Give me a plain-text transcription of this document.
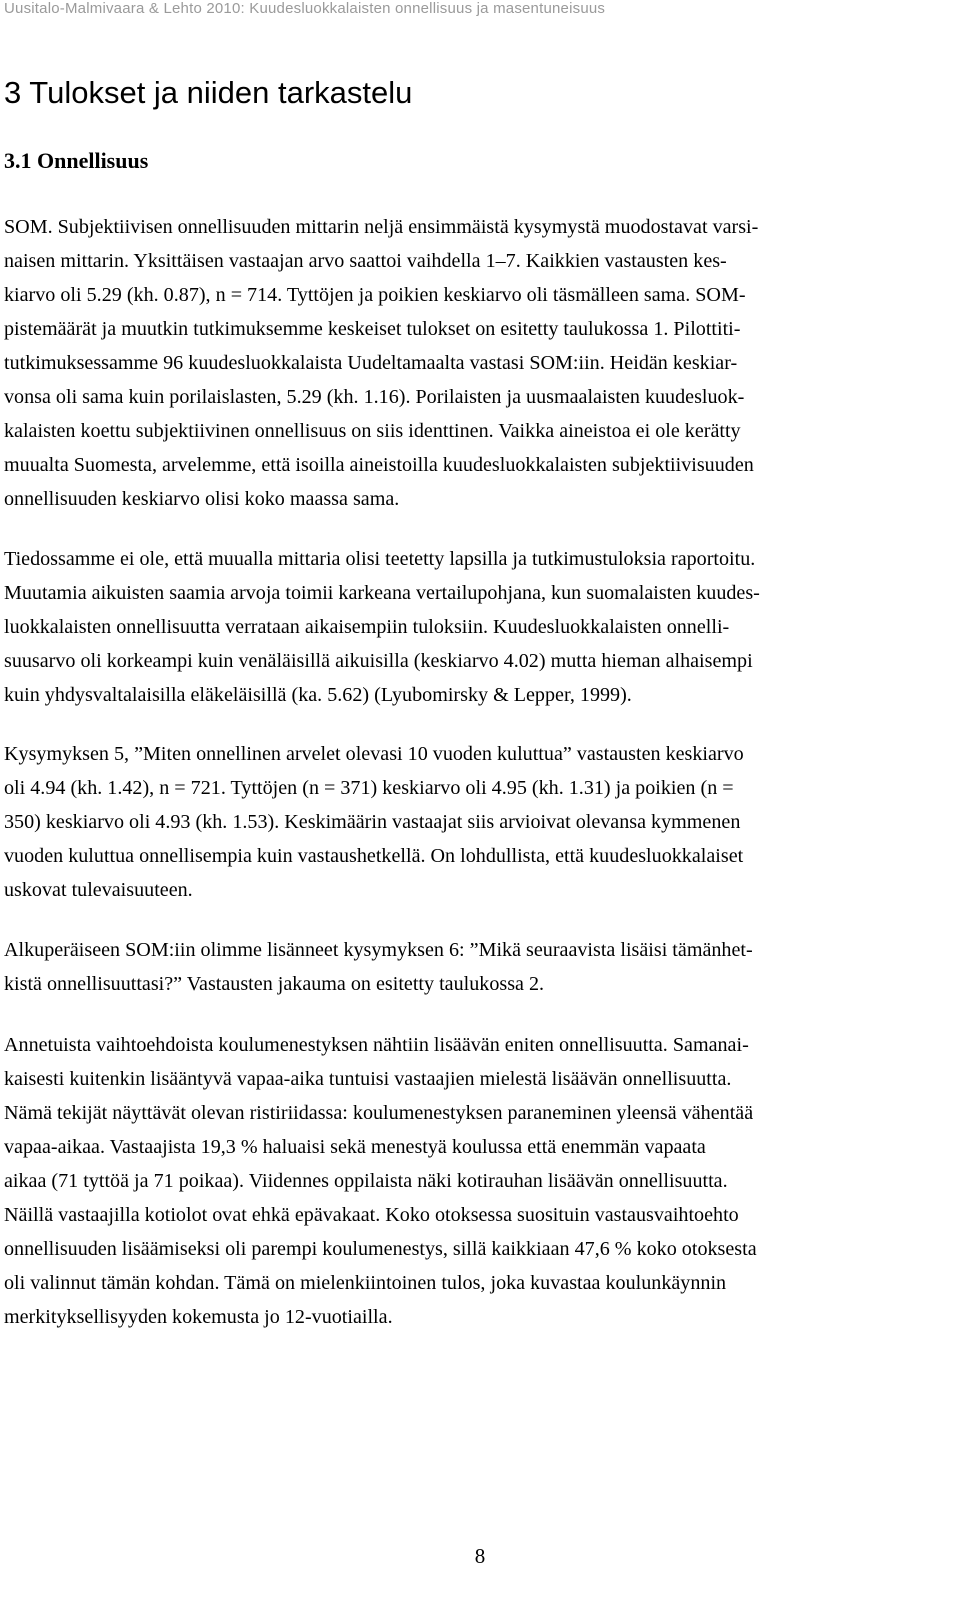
Uusitalo-Malmivaara & Lehto 2010: Kuudesluokkalaisten onnellisuus ja masentuneisuus
3 Tulokset ja niiden tarkastelu
3.1 Onnellisuus
SOM. Subjektiivisen onnellisuuden mittarin neljä ensimmäistä kysymystä muodostavat varsi-
naisen mittarin. Yksittäisen vastaajan arvo saattoi vaihdella 1–7. Kaikkien vastausten kes-
kiarvo oli 5.29 (kh. 0.87), n = 714. Tyttöjen ja poikien keskiarvo oli täsmälleen sama. SOM-
pistemäärät ja muutkin tutkimuksemme keskeiset tulokset on esitetty taulukossa 1. Pilottiti-
tutkimuksessamme 96 kuudesluokkalaista Uudeltamaalta vastasi SOM:iin. Heidän keskiar-
vonsa oli sama kuin porilaislasten, 5.29 (kh. 1.16). Porilaisten ja uusmaalaisten kuudesluok-
kalaisten koettu subjektiivinen onnellisuus on siis identtinen. Vaikka aineistoa ei ole kerätty
muualta Suomesta, arvelemme, että isoilla aineistoilla kuudesluokkalaisten subjektiivisuuden
onnellisuuden keskiarvo olisi koko maassa sama.
Tiedossamme ei ole, että muualla mittaria olisi teetetty lapsilla ja tutkimustuloksia raportoitu.
Muutamia aikuisten saamia arvoja toimii karkeana vertailupohjana, kun suomalaisten kuudes-
luokkalaisten onnellisuutta verrataan aikaisempiin tuloksiin. Kuudesluokkalaisten onnelli-
suusarvo oli korkeampi kuin venäläisillä aikuisilla (keskiarvo 4.02) mutta hieman alhaisempi
kuin yhdysvaltalaisilla eläkeläisillä (ka. 5.62) (Lyubomirsky & Lepper, 1999).
Kysymyksen 5, ”Miten onnellinen arvelet olevasi 10 vuoden kuluttua” vastausten keskiarvo
oli 4.94 (kh. 1.42), n = 721. Tyttöjen (n = 371) keskiarvo oli 4.95 (kh. 1.31) ja poikien (n =
350) keskiarvo oli 4.93 (kh. 1.53). Keskimäärin vastaajat siis arvioivat olevansa kymmenen
vuoden kuluttua onnellisempia kuin vastaushetkellä. On lohdullista, että kuudesluokkalaiset
uskovat tulevaisuuteen.
Alkuperäiseen SOM:iin olimme lisänneet kysymyksen 6: ”Mikä seuraavista lisäisi tämänhet-
kistä onnellisuuttasi?” Vastausten jakauma on esitetty taulukossa 2.
Annetuista vaihtoehdoista koulumenestyksen nähtiin lisäävän eniten onnellisuutta. Samanai-
kaisesti kuitenkin lisääntyvä vapaa-aika tuntuisi vastaajien mielestä lisäävän onnellisuutta.
Nämä tekijät näyttävät olevan ristiriidassa: koulumenestyksen paraneminen yleensä vähentää
vapaa-aikaa. Vastaajista 19,3 % haluaisi sekä menestyä koulussa että enemmän vapaata
aikaa (71 tyttöä ja 71 poikaa). Viidennes oppilaista näki kotirauhan lisäävän onnellisuutta.
Näillä vastaajilla kotiolot ovat ehkä epävakaat. Koko otoksessa suosituin vastausvaihtoehto
onnellisuuden lisäämiseksi oli parempi koulumenestys, sillä kaikkiaan 47,6 % koko otoksesta
oli valinnut tämän kohdan. Tämä on mielenkiintoinen tulos, joka kuvastaa koulunkäynnin
merkityksellisyyden kokemusta jo 12-vuotiailla.
8
